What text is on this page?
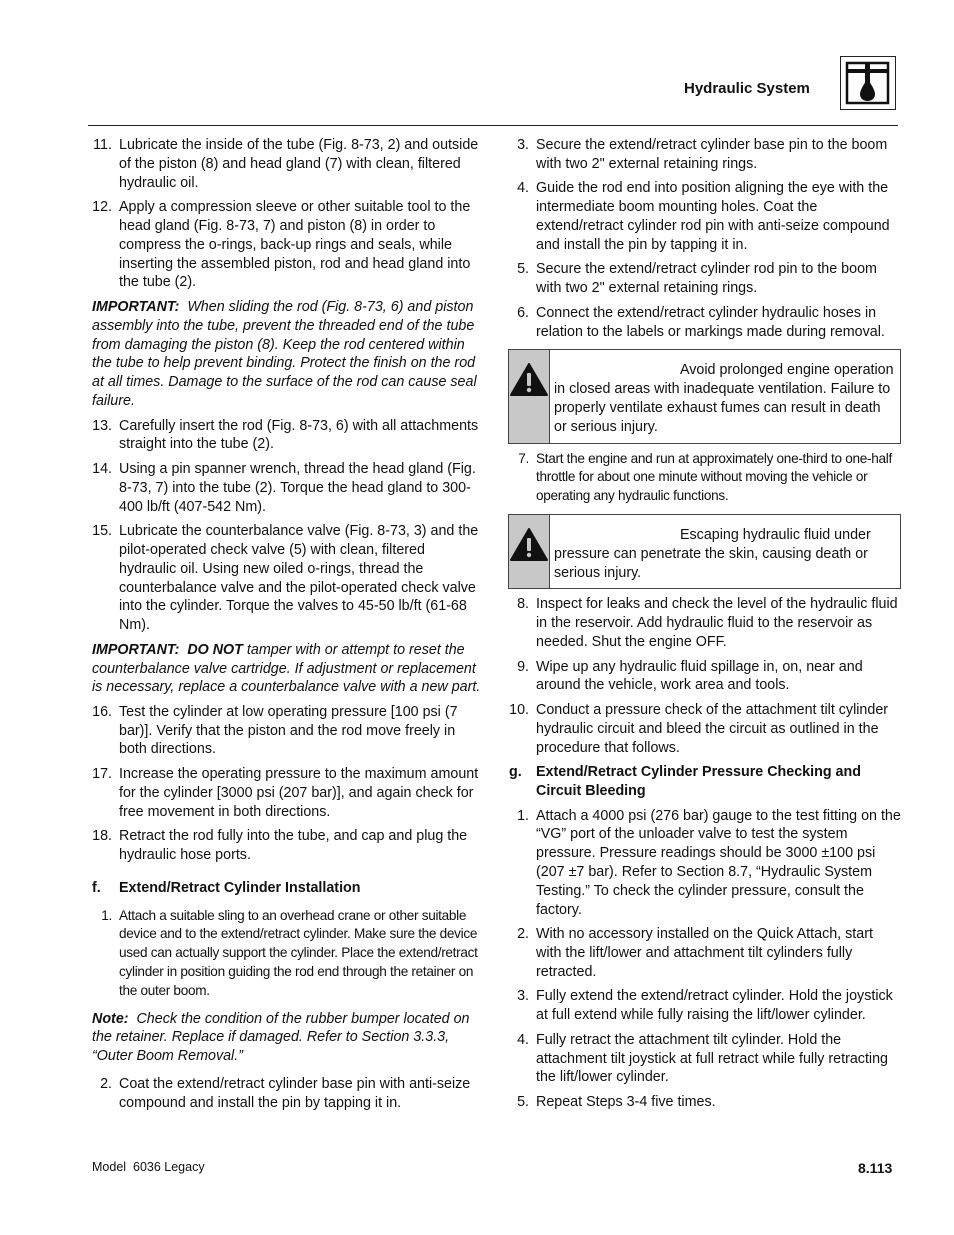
Hydraulic System
11. Lubricate the inside of the tube (Fig. 8-73, 2) and outside of the piston (8) and head gland (7) with clean, filtered hydraulic oil.
12. Apply a compression sleeve or other suitable tool to the head gland (Fig. 8-73, 7) and piston (8) in order to compress the o-rings, back-up rings and seals, while inserting the assembled piston, rod and head gland into the tube (2).
IMPORTANT: When sliding the rod (Fig. 8-73, 6) and piston assembly into the tube, prevent the threaded end of the tube from damaging the piston (8). Keep the rod centered within the tube to help prevent binding. Protect the finish on the rod at all times. Damage to the surface of the rod can cause seal failure.
13. Carefully insert the rod (Fig. 8-73, 6) with all attachments straight into the tube (2).
14. Using a pin spanner wrench, thread the head gland (Fig. 8-73, 7) into the tube (2). Torque the head gland to 300-400 lb/ft (407-542 Nm).
15. Lubricate the counterbalance valve (Fig. 8-73, 3) and the pilot-operated check valve (5) with clean, filtered hydraulic oil. Using new oiled o-rings, thread the counterbalance valve and the pilot-operated check valve into the cylinder. Torque the valves to 45-50 lb/ft (61-68 Nm).
IMPORTANT: DO NOT tamper with or attempt to reset the counterbalance valve cartridge. If adjustment or replacement is necessary, replace a counterbalance valve with a new part.
16. Test the cylinder at low operating pressure [100 psi (7 bar)]. Verify that the piston and the rod move freely in both directions.
17. Increase the operating pressure to the maximum amount for the cylinder [3000 psi (207 bar)], and again check for free movement in both directions.
18. Retract the rod fully into the tube, and cap and plug the hydraulic hose ports.
f. Extend/Retract Cylinder Installation
1. Attach a suitable sling to an overhead crane or other suitable device and to the extend/retract cylinder. Make sure the device used can actually support the cylinder. Place the extend/retract cylinder in position guiding the rod end through the retainer on the outer boom.
Note: Check the condition of the rubber bumper located on the retainer. Replace if damaged. Refer to Section 3.3.3, “Outer Boom Removal.”
2. Coat the extend/retract cylinder base pin with anti-seize compound and install the pin by tapping it in.
3. Secure the extend/retract cylinder base pin to the boom with two 2" external retaining rings.
4. Guide the rod end into position aligning the eye with the intermediate boom mounting holes. Coat the extend/retract cylinder rod pin with anti-seize compound and install the pin by tapping it in.
5. Secure the extend/retract cylinder rod pin to the boom with two 2" external retaining rings.
6. Connect the extend/retract cylinder hydraulic hoses in relation to the labels or markings made during removal.
Avoid prolonged engine operation in closed areas with inadequate ventilation. Failure to properly ventilate exhaust fumes can result in death or serious injury.
7. Start the engine and run at approximately one-third to one-half throttle for about one minute without moving the vehicle or operating any hydraulic functions.
Escaping hydraulic fluid under pressure can penetrate the skin, causing death or serious injury.
8. Inspect for leaks and check the level of the hydraulic fluid in the reservoir. Add hydraulic fluid to the reservoir as needed. Shut the engine OFF.
9. Wipe up any hydraulic fluid spillage in, on, near and around the vehicle, work area and tools.
10. Conduct a pressure check of the attachment tilt cylinder hydraulic circuit and bleed the circuit as outlined in the procedure that follows.
g. Extend/Retract Cylinder Pressure Checking and Circuit Bleeding
1. Attach a 4000 psi (276 bar) gauge to the test fitting on the “VG” port of the unloader valve to test the system pressure. Pressure readings should be 3000 ±100 psi (207 ±7 bar). Refer to Section 8.7, “Hydraulic System Testing.” To check the cylinder pressure, consult the factory.
2. With no accessory installed on the Quick Attach, start with the lift/lower and attachment tilt cylinders fully retracted.
3. Fully extend the extend/retract cylinder. Hold the joystick at full extend while fully raising the lift/lower cylinder.
4. Fully retract the attachment tilt cylinder. Hold the attachment tilt joystick at full retract while fully retracting the lift/lower cylinder.
5. Repeat Steps 3-4 five times.
Model  6036 Legacy	8.113
